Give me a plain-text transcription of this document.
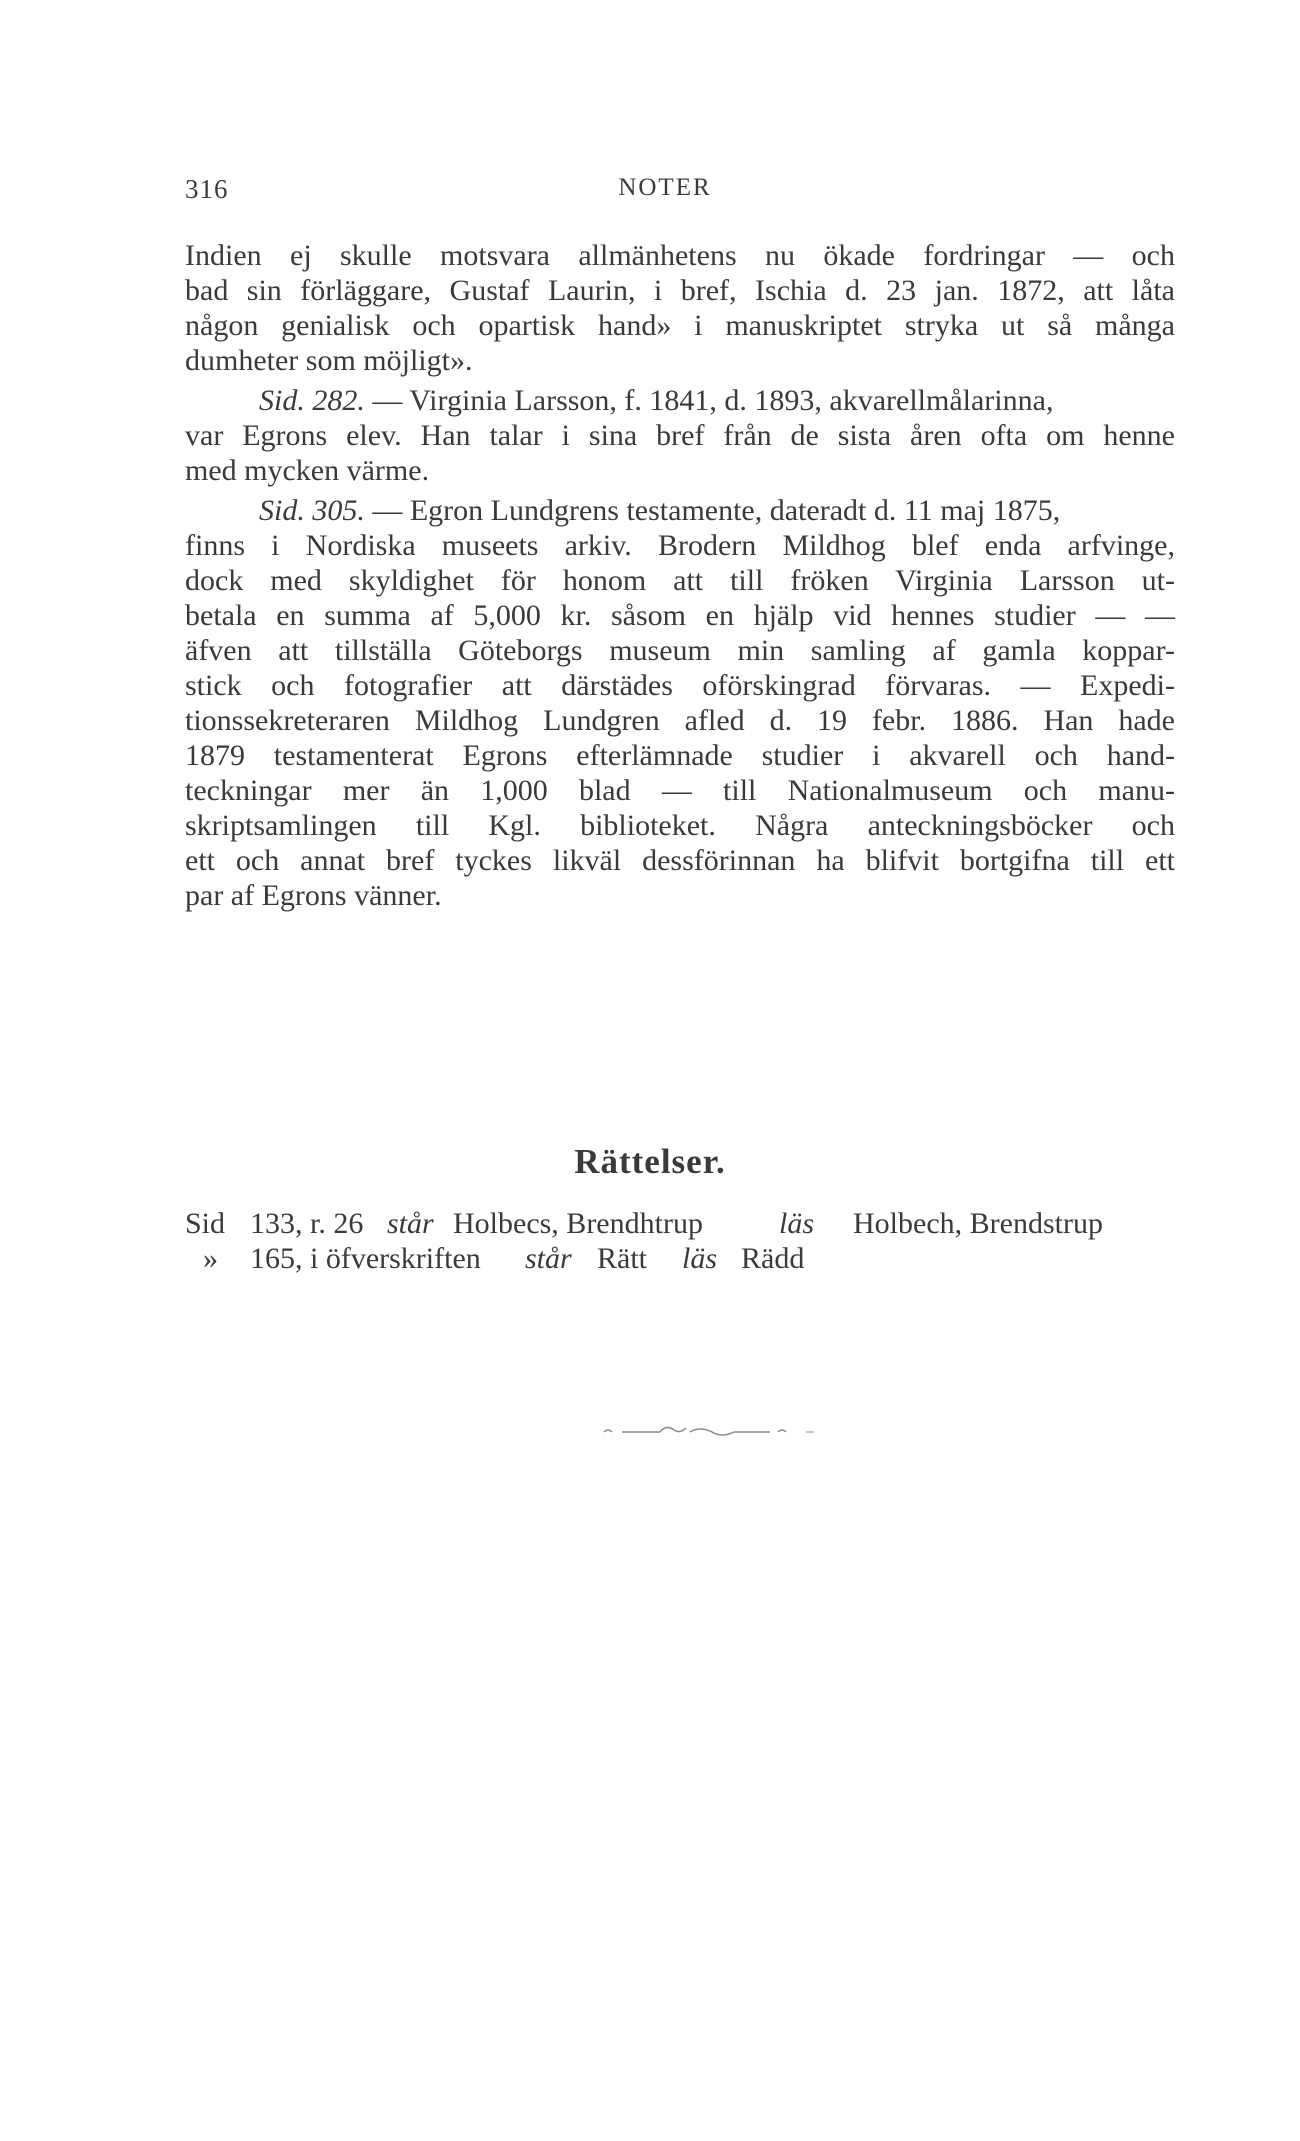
316	NOTER
Indien ej skulle motsvara allmänhetens nu ökade fordringar — och
bad sin förläggare, Gustaf Laurin, i bref, Ischia d. 23 jan. 1872, att låta
någon genialisk och opartisk hand» i manuskriptet stryka ut så många
dumheter som möjligt».
Sid. 282. — Virginia Larsson, f. 1841, d. 1893, akvarellmålarinna,
var Egrons elev. Han talar i sina bref från de sista åren ofta om henne
med mycken värme.
Sid. 305. — Egron Lundgrens testamente, dateradt d. 11 maj 1875,
finns i Nordiska museets arkiv. Brodern Mildhog blef enda arfvinge,
dock med skyldighet för honom att till fröken Virginia Larsson ut-
betala en summa af 5,000 kr. såsom en hjälp vid hennes studier — —
äfven att tillställa Göteborgs museum min samling af gamla koppar-
stick och fotografier att därstädes oförskingrad förvaras. — Expedi-
tionssekreteraren Mildhog Lundgren afled d. 19 febr. 1886. Han hade
1879 testamenterat Egrons efterlämnade studier i akvarell och hand-
teckningar mer än 1,000 blad — till Nationalmuseum och manu-
skriptsamlingen till Kgl. biblioteket. Några anteckningsböcker och
ett och annat bref tyckes likväl dessförinnan ha blifvit bortgifna till ett
par af Egrons vänner.
Rättelser.
Sid 133, r. 26 står Holbecs, Brendhtrup	läs Holbech, Brendstrup
» 165, i öfverskriften står Rätt läs Rädd
